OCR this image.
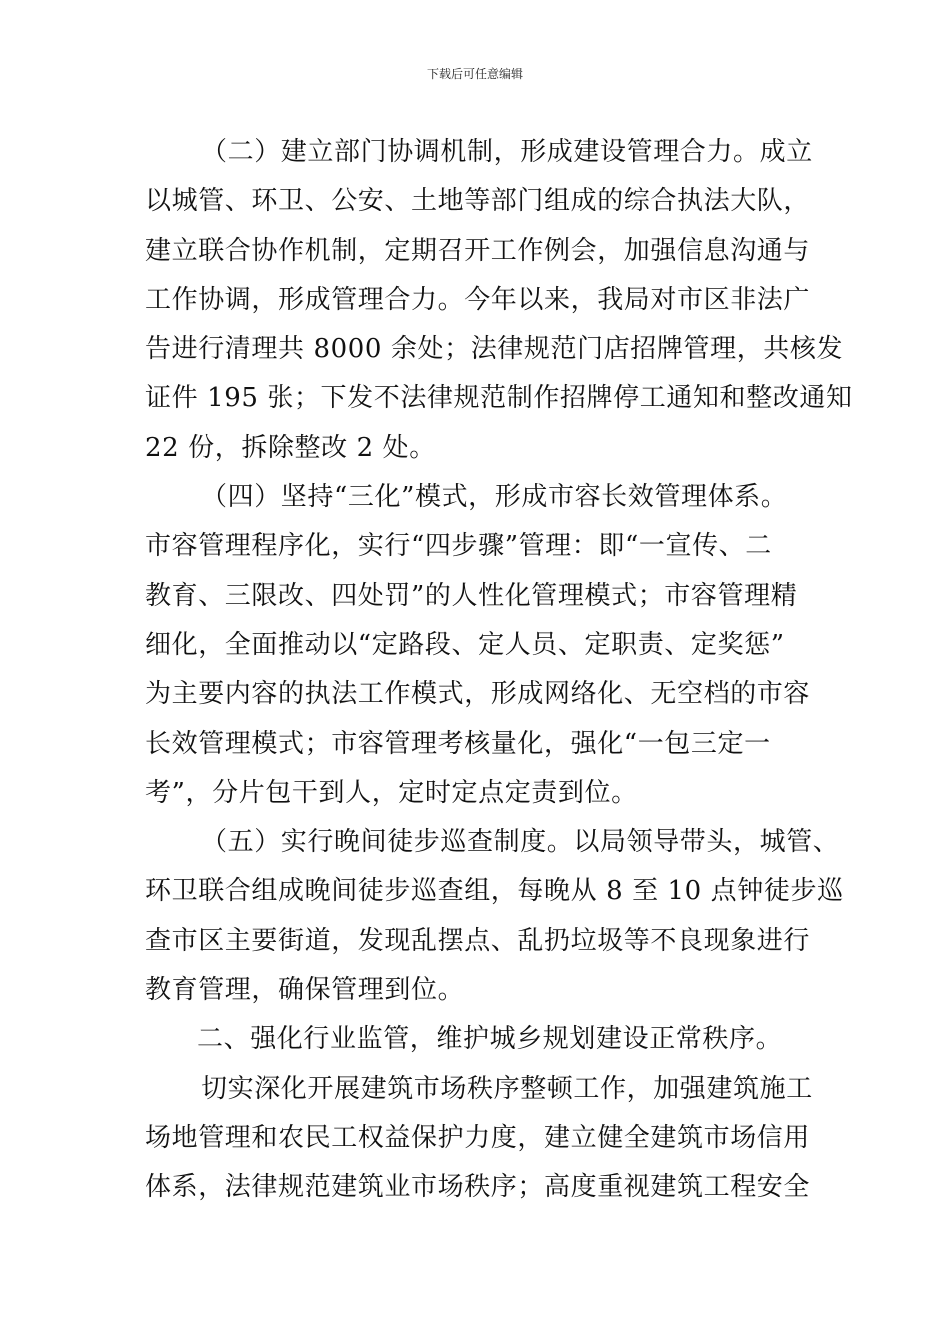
下载后可任意编辑

（二）建立部门协调机制，形成建设管理合力。成立
以城管、环卫、公安、土地等部门组成的综合执法大队，
建立联合协作机制，定期召开工作例会，加强信息沟通与
工作协调，形成管理合力。今年以来，我局对市区非法广
告进行清理共 8000 余处；法律规范门店招牌管理，共核发
证件 195 张；下发不法律规范制作招牌停工通知和整改通知
22 份，拆除整改 2 处。

（四）坚持“三化”模式，形成市容长效管理体系。
市容管理程序化，实行“四步骤”管理：即“一宣传、二
教育、三限改、四处罚”的人性化管理模式；市容管理精
细化，全面推动以“定路段、定人员、定职责、定奖惩”
为主要内容的执法工作模式，形成网络化、无空档的市容
长效管理模式；市容管理考核量化，强化“一包三定一
考”，分片包干到人，定时定点定责到位。

（五）实行晚间徒步巡查制度。以局领导带头，城管、
环卫联合组成晚间徒步巡查组，每晚从 8 至 10 点钟徒步巡
查市区主要街道，发现乱摆点、乱扔垃圾等不良现象进行
教育管理，确保管理到位。

二、强化行业监管，维护城乡规划建设正常秩序。

切实深化开展建筑市场秩序整顿工作，加强建筑施工
场地管理和农民工权益保护力度，建立健全建筑市场信用
体系，法律规范建筑业市场秩序；高度重视建筑工程安全
